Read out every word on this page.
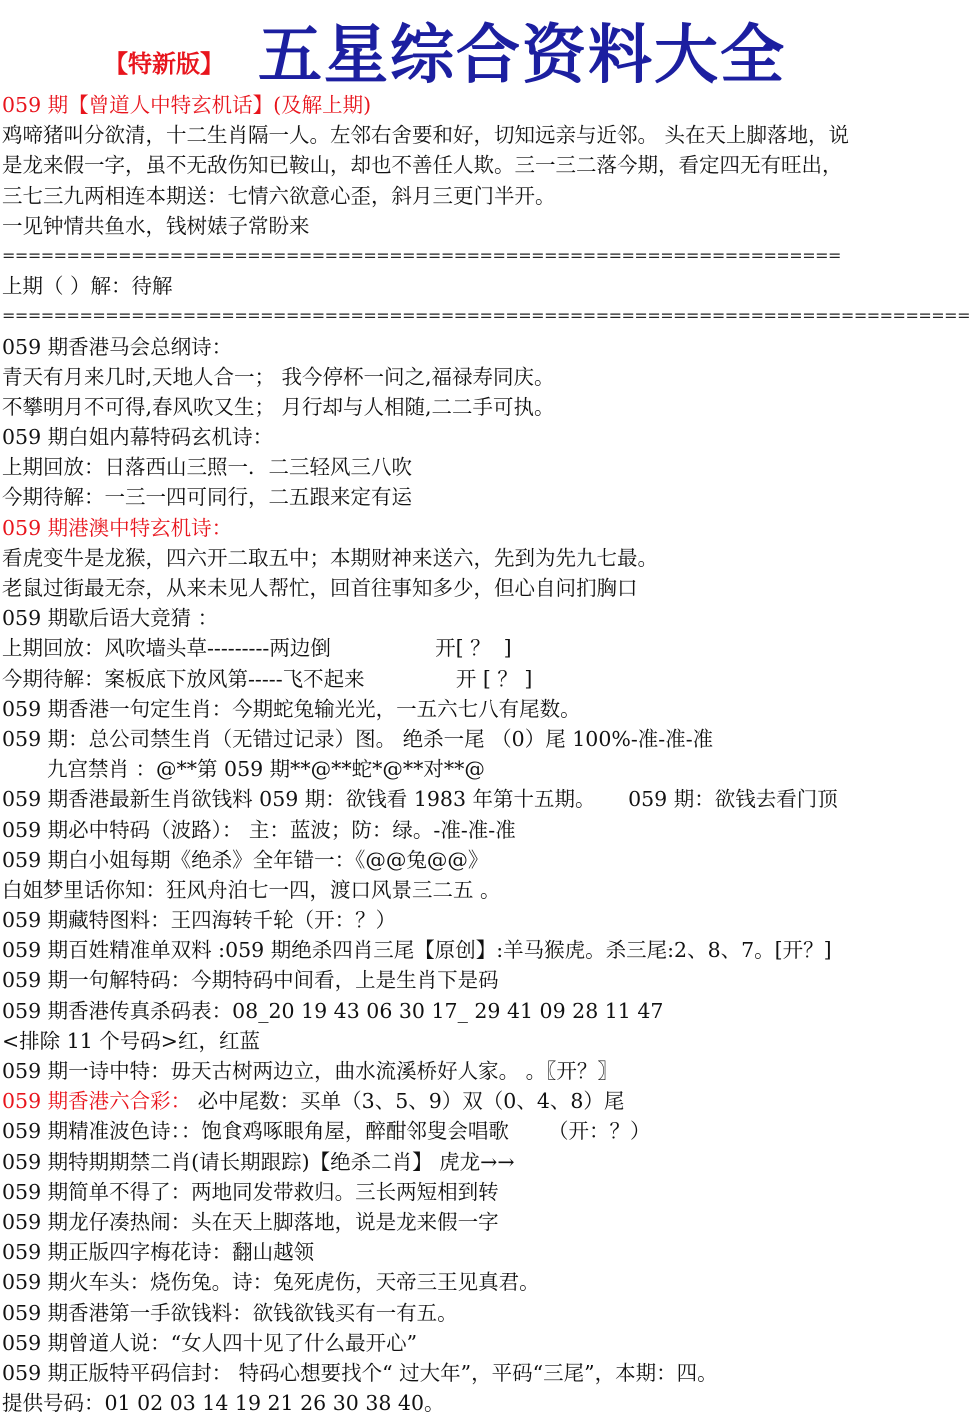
【特新版】 五星综合资料大全
059 期【曾道人中特玄机话】(及解上期)
鸡啼猪叫分欲清，十二生肖隔一人。左邻右舍要和好，切知远亲与近邻。 头在天上脚落地，说
是龙来假一字，虽不无敌伤知已鞍山，却也不善任人欺。三一三二落今期，看定四无有旺出，
三七三九两相连本期送：七情六欲意心歪，斜月三更门半开。
一见钟情共鱼水，钱树婊子常盼来
=================================================================
上期（ ）解：待解
===========================================================================
059 期香港马会总纲诗：
青天有月来几时,天地人合一； 我今停杯一问之,福禄寿同庆。
不攀明月不可得,春风吹又生； 月行却与人相随,二二手可执。
059 期白姐内幕特码玄机诗：
上期回放：日落西山三照一．二三轻风三八吹
今期待解：一三一四可同行，二五跟来定有运
059 期港澳中特玄机诗：
看虎变牛是龙猴，四六开二取五中；本期财神来送六，先到为先九七最。
老鼠过街最无奈，从来未见人帮忙，回首往事知多少，但心自问扪胸口
059 期歇后语大竞猜 ：
上期回放：风吹墙头草---------两边倒                开[ ？  ]
今期待解：案板底下放风第-----飞不起来              开 [ ？ ]
059 期香港一句定生肖：今期蛇兔输光光，一五六七八有尾数。
059 期：总公司禁生肖（无错过记录）图。 绝杀一尾 （0）尾 100%-准-准-准
九宫禁肖 ：@**第 059 期**@**蛇*@**对**@
059 期香港最新生肖欲钱料 059 期：欲钱看 1983 年第十五期。     059 期：欲钱去看门顶
059 期必中特码（波路）： 主：蓝波；防：绿。-准-准-准
059 期白小姐每期《绝杀》全年错一：《@@兔@@》
白姐梦里话你知：狂风舟泊七一四，渡口风景三二五 。
059 期藏特图料：王四海转千轮（开：？）
059 期百姓精准单双料 :059 期绝杀四肖三尾【原创】:羊马猴虎。杀三尾:2、8、7。[开？]
059 期一句解特码：今期特码中间看，上是生肖下是码
059 期香港传真杀码表：08_20 19 43 06 30 17_ 29 41 09 28 11 47
<排除 11 个号码>红，红蓝
059 期一诗中特：毋天古树两边立，曲水流溪桥好人家。 。〖开？〗
059 期香港六合彩： 必中尾数：买单（3、5、9）双（0、4、8）尾
059 期精准波色诗：：饱食鸡啄眼角屋，醉酣邻叟会唱歌      （开：？）
059 期特期期禁二肖(请长期跟踪)【绝杀二肖】 虎龙→→
059 期简单不得了：两地同发带救归。三长两短相到转
059 期龙仔凑热闹：头在天上脚落地，说是龙来假一字
059 期正版四字梅花诗：翻山越领
059 期火车头：烧伤兔。诗：兔死虎伤，天帝三王见真君。
059 期香港第一手欲钱料：欲钱欲钱买有一有五。
059 期曾道人说：“女人四十见了什么最开心”
059 期正版特平码信封： 特码心想要找个“ 过大年”，平码“三尾”，本期：四。
提供号码：01 02 03 14 19 21 26 30 38 40。
